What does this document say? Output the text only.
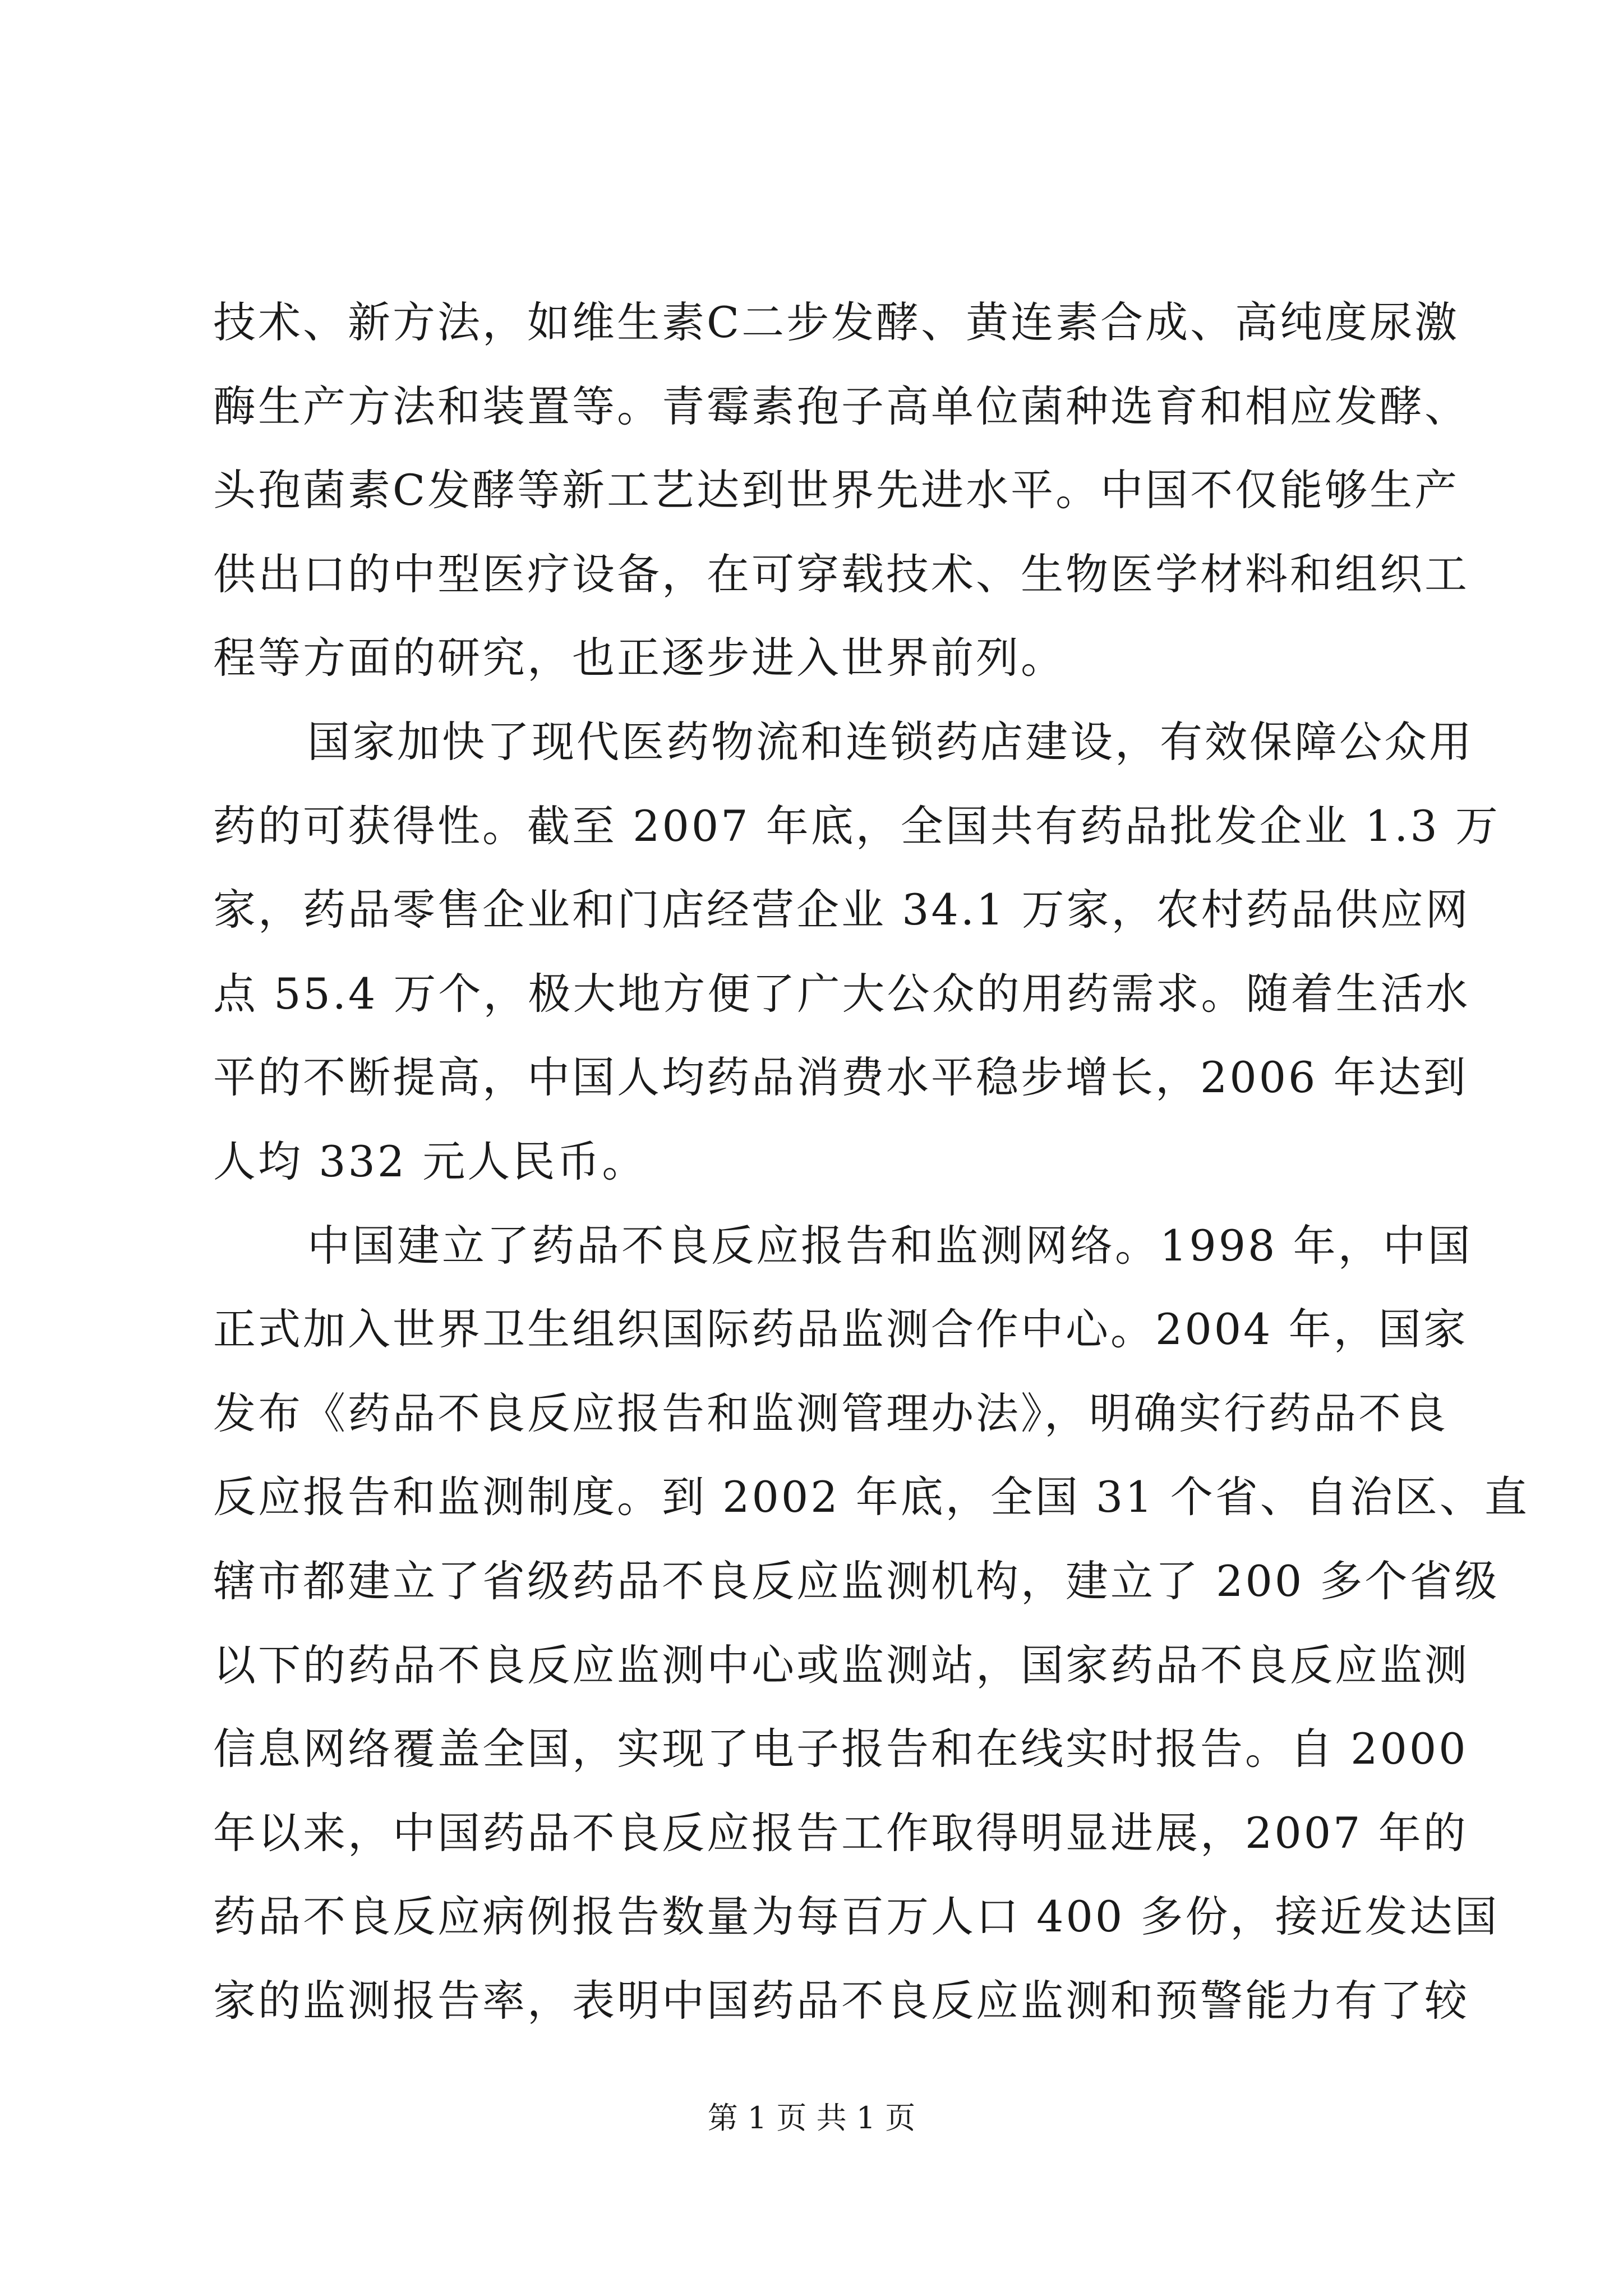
技术、新方法，如维生素C二步发酵、黄连素合成、高纯度尿激
酶生产方法和装置等。青霉素孢子高单位菌种选育和相应发酵、
头孢菌素C发酵等新工艺达到世界先进水平。中国不仅能够生产
供出口的中型医疗设备，在可穿载技术、生物医学材料和组织工
程等方面的研究，也正逐步进入世界前列。
国家加快了现代医药物流和连锁药店建设，有效保障公众用
药的可获得性。截至 2007 年底，全国共有药品批发企业 1.3 万
家，药品零售企业和门店经营企业 34.1 万家，农村药品供应网
点 55.4 万个，极大地方便了广大公众的用药需求。随着生活水
平的不断提高，中国人均药品消费水平稳步增长，2006 年达到
人均 332 元人民币。
中国建立了药品不良反应报告和监测网络。1998 年，中国
正式加入世界卫生组织国际药品监测合作中心。2004 年，国家
发布《药品不良反应报告和监测管理办法》，明确实行药品不良
反应报告和监测制度。到 2002 年底，全国 31 个省、自治区、直
辖市都建立了省级药品不良反应监测机构，建立了 200 多个省级
以下的药品不良反应监测中心或监测站，国家药品不良反应监测
信息网络覆盖全国，实现了电子报告和在线实时报告。自 2000
年以来，中国药品不良反应报告工作取得明显进展，2007 年的
药品不良反应病例报告数量为每百万人口 400 多份，接近发达国
家的监测报告率，表明中国药品不良反应监测和预警能力有了较
第 1 页 共 1 页
